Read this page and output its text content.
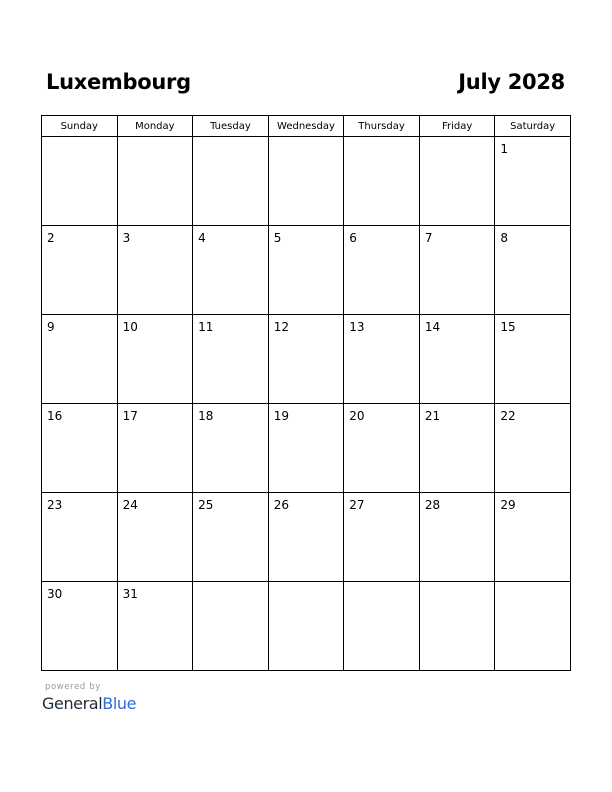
Luxembourg	July 2028
Sunday	Monday	Tuesday	Wednesday	Thursday	Friday	Saturday

						1

2	3	4	5	6	7	8

9	10	11	12	13	14	15

16	17	18	19	20	21	22

23	24	25	26	27	28	29

30	31					

powered by
GeneralBlue
